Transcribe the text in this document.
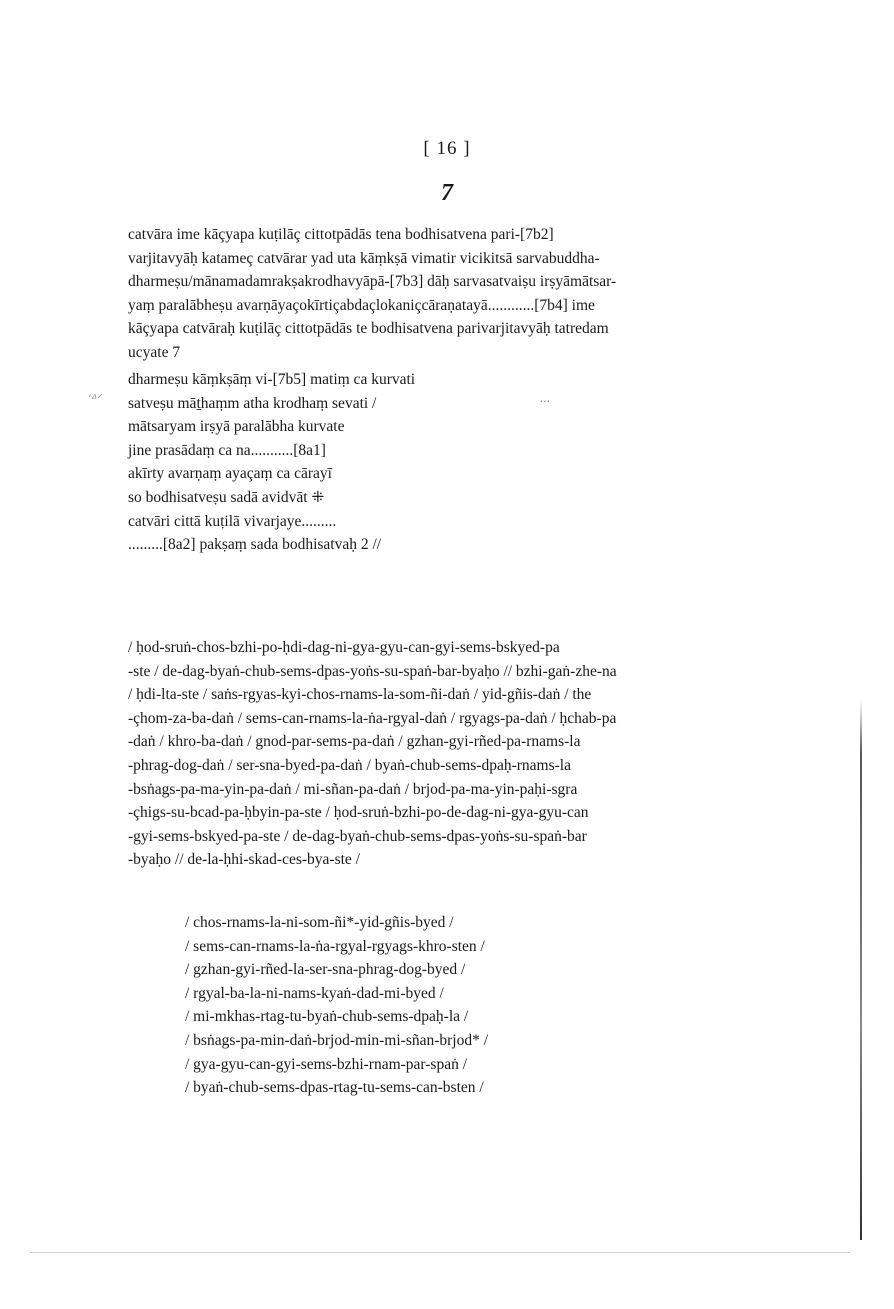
[ 16 ]
7
catvāra ime kāçyapa kuṭilāç cittotpādās tena bodhisatvena pari-[7b2]
varjitavyāḥ katameç catvārar yad uta kāṃkṣā vimatir vicikitsā sarvabuddha-
dharmeṣu/mānamadamrakṣakrodhavyāpā-[7b3] dāḥ sarvasatvaiṣu irṣyāmātsar-
yaṃ paralābheṣu avarṇāyaçokīrtiçabdaçlokaniçcāraṇatayā............[7b4] ime
kāçyapa catvāraḥ kuṭilāç cittotpādās te bodhisatvena parivarjitavyāḥ tatredam
ucyate 7
dharmeṣu kāṃkṣāṃ vi-[7b5] matiṃ ca kurvati
satveṣu māṯhaṃm atha krodhaṃ sevati /
mātsaryam irṣyā paralābha kurvate
jine prasādaṃ ca na...........[8a1]
akīrty avarṇaṃ ayaçaṃ ca cārayī
so bodhisatveṣu sadā avidvāt ⁜
catvāri cittā kuṭilā vivarjaye.........
.........[8a2] pakṣaṃ sada bodhisatvaḥ 2 //
ʼᐞᐟ	...
/ ḥod-sruṅ-chos-bzhi-po-ḥdi-dag-ni-gya-gyu-can-gyi-sems-bskyed-pa
-ste / de-dag-byaṅ-chub-sems-dpas-yoṅs-su-spaṅ-bar-byaḥo // bzhi-gaṅ-zhe-na
/ ḥdi-lta-ste / saṅs-rgyas-kyi-chos-rnams-la-som-ñi-daṅ / yid-gñis-daṅ / the
-çhom-za-ba-daṅ / sems-can-rnams-la-ṅa-rgyal-daṅ / rgyags-pa-daṅ / ḥchab-pa
-daṅ / khro-ba-daṅ / gnod-par-sems-pa-daṅ / gzhan-gyi-rñed-pa-rnams-la
-phrag-dog-daṅ / ser-sna-byed-pa-daṅ / byaṅ-chub-sems-dpaḥ-rnams-la
-bsṅags-pa-ma-yin-pa-daṅ / mi-sñan-pa-daṅ / brjod-pa-ma-yin-paḥi-sgra
-çhigs-su-bcad-pa-ḥbyin-pa-ste / ḥod-sruṅ-bzhi-po-de-dag-ni-gya-gyu-can
-gyi-sems-bskyed-pa-ste / de-dag-byaṅ-chub-sems-dpas-yoṅs-su-spaṅ-bar
-byaḥo // de-la-ḥhi-skad-ces-bya-ste /
/ chos-rnams-la-ni-som-ñi*-yid-gñis-byed /
/ sems-can-rnams-la-ṅa-rgyal-rgyags-khro-sten /
/ gzhan-gyi-rñed-la-ser-sna-phrag-dog-byed /
/ rgyal-ba-la-ni-nams-kyaṅ-dad-mi-byed /
/ mi-mkhas-rtag-tu-byaṅ-chub-sems-dpaḥ-la /
/ bsṅags-pa-min-daṅ-brjod-min-mi-sñan-brjod* /
/ gya-gyu-can-gyi-sems-bzhi-rnam-par-spaṅ /
/ byaṅ-chub-sems-dpas-rtag-tu-sems-can-bsten /
